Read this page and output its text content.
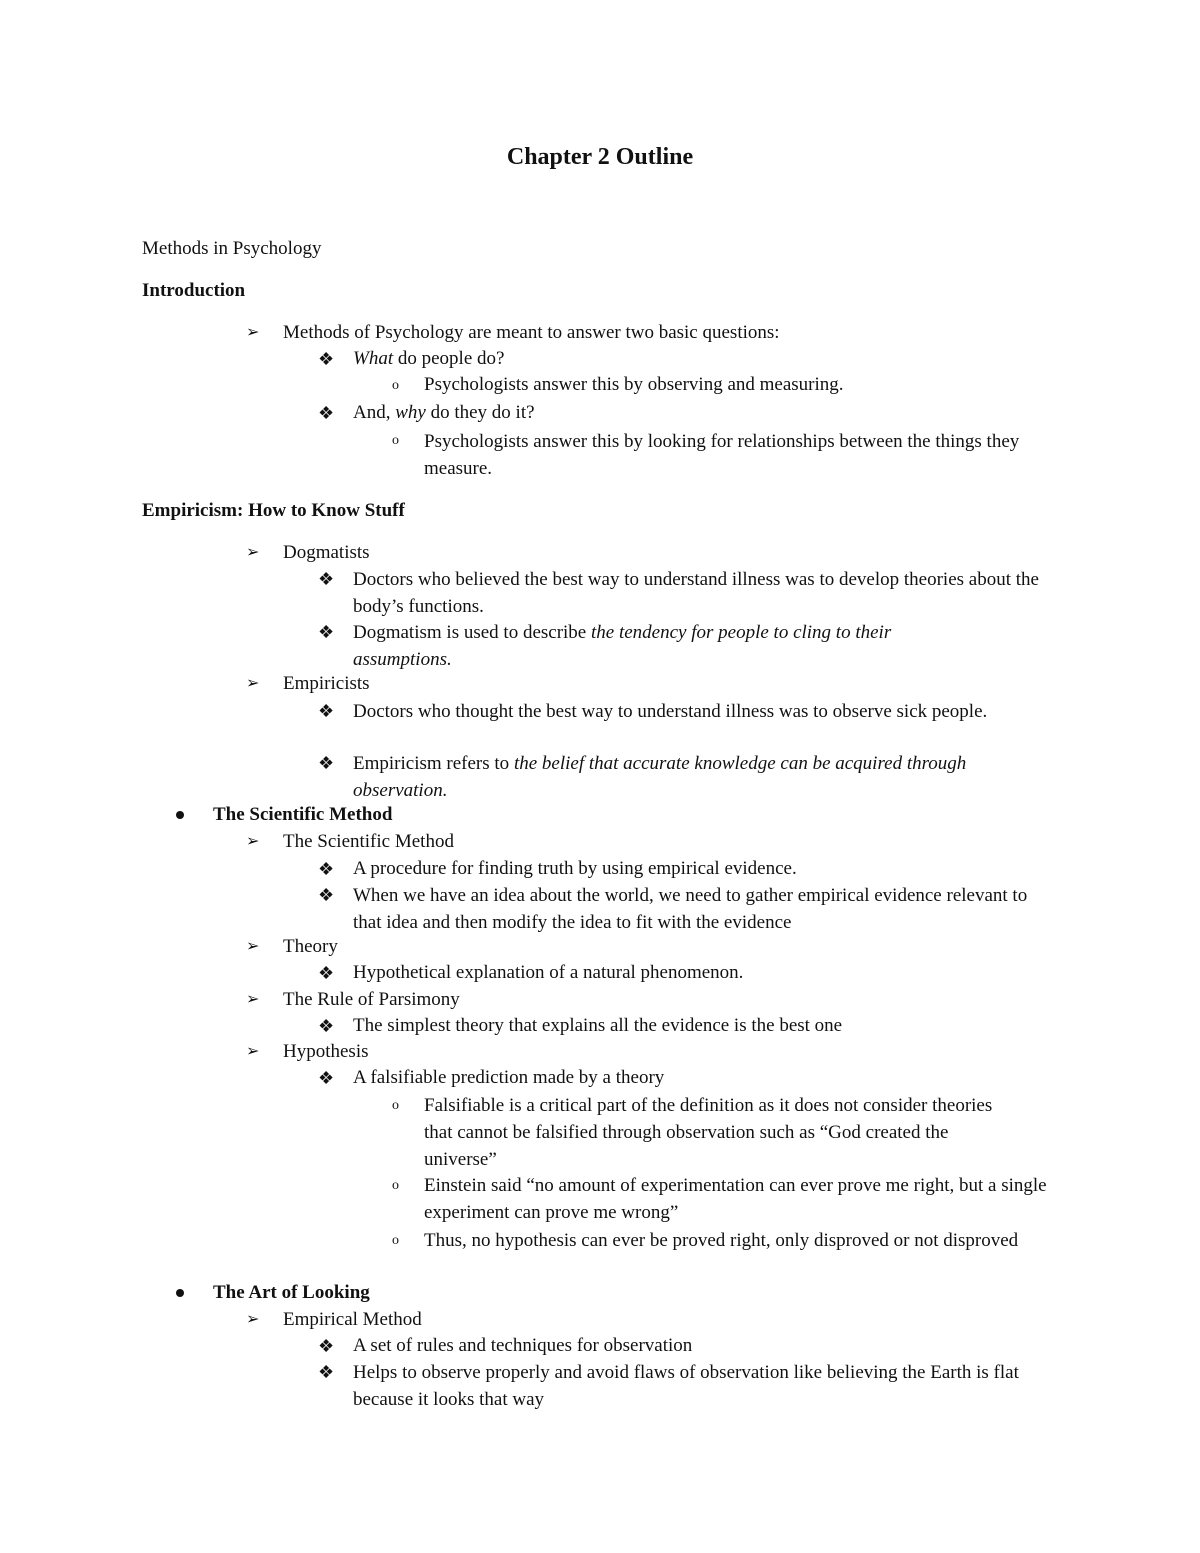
Chapter 2 Outline
Methods in Psychology
Introduction
➢ Methods of Psychology are meant to answer two basic questions:
❖ What do people do?
o Psychologists answer this by observing and measuring.
❖ And, why do they do it?
o Psychologists answer this by looking for relationships between the things they measure.
Empiricism: How to Know Stuff
➢ Dogmatists
❖ Doctors who believed the best way to understand illness was to develop theories about the body’s functions.
❖ Dogmatism is used to describe the tendency for people to cling to their assumptions.
➢ Empiricists
❖ Doctors who thought the best way to understand illness was to observe sick people.
❖ Empiricism refers to the belief that accurate knowledge can be acquired through observation.
The Scientific Method
➢ The Scientific Method
❖ A procedure for finding truth by using empirical evidence.
❖ When we have an idea about the world, we need to gather empirical evidence relevant to that idea and then modify the idea to fit with the evidence
➢ Theory
❖ Hypothetical explanation of a natural phenomenon.
➢ The Rule of Parsimony
❖ The simplest theory that explains all the evidence is the best one
➢ Hypothesis
❖ A falsifiable prediction made by a theory
o Falsifiable is a critical part of the definition as it does not consider theories that cannot be falsified through observation such as “God created the universe”
o Einstein said “no amount of experimentation can ever prove me right, but a single experiment can prove me wrong”
o Thus, no hypothesis can ever be proved right, only disproved or not disproved
The Art of Looking
➢ Empirical Method
❖ A set of rules and techniques for observation
❖ Helps to observe properly and avoid flaws of observation like believing the Earth is flat because it looks that way
